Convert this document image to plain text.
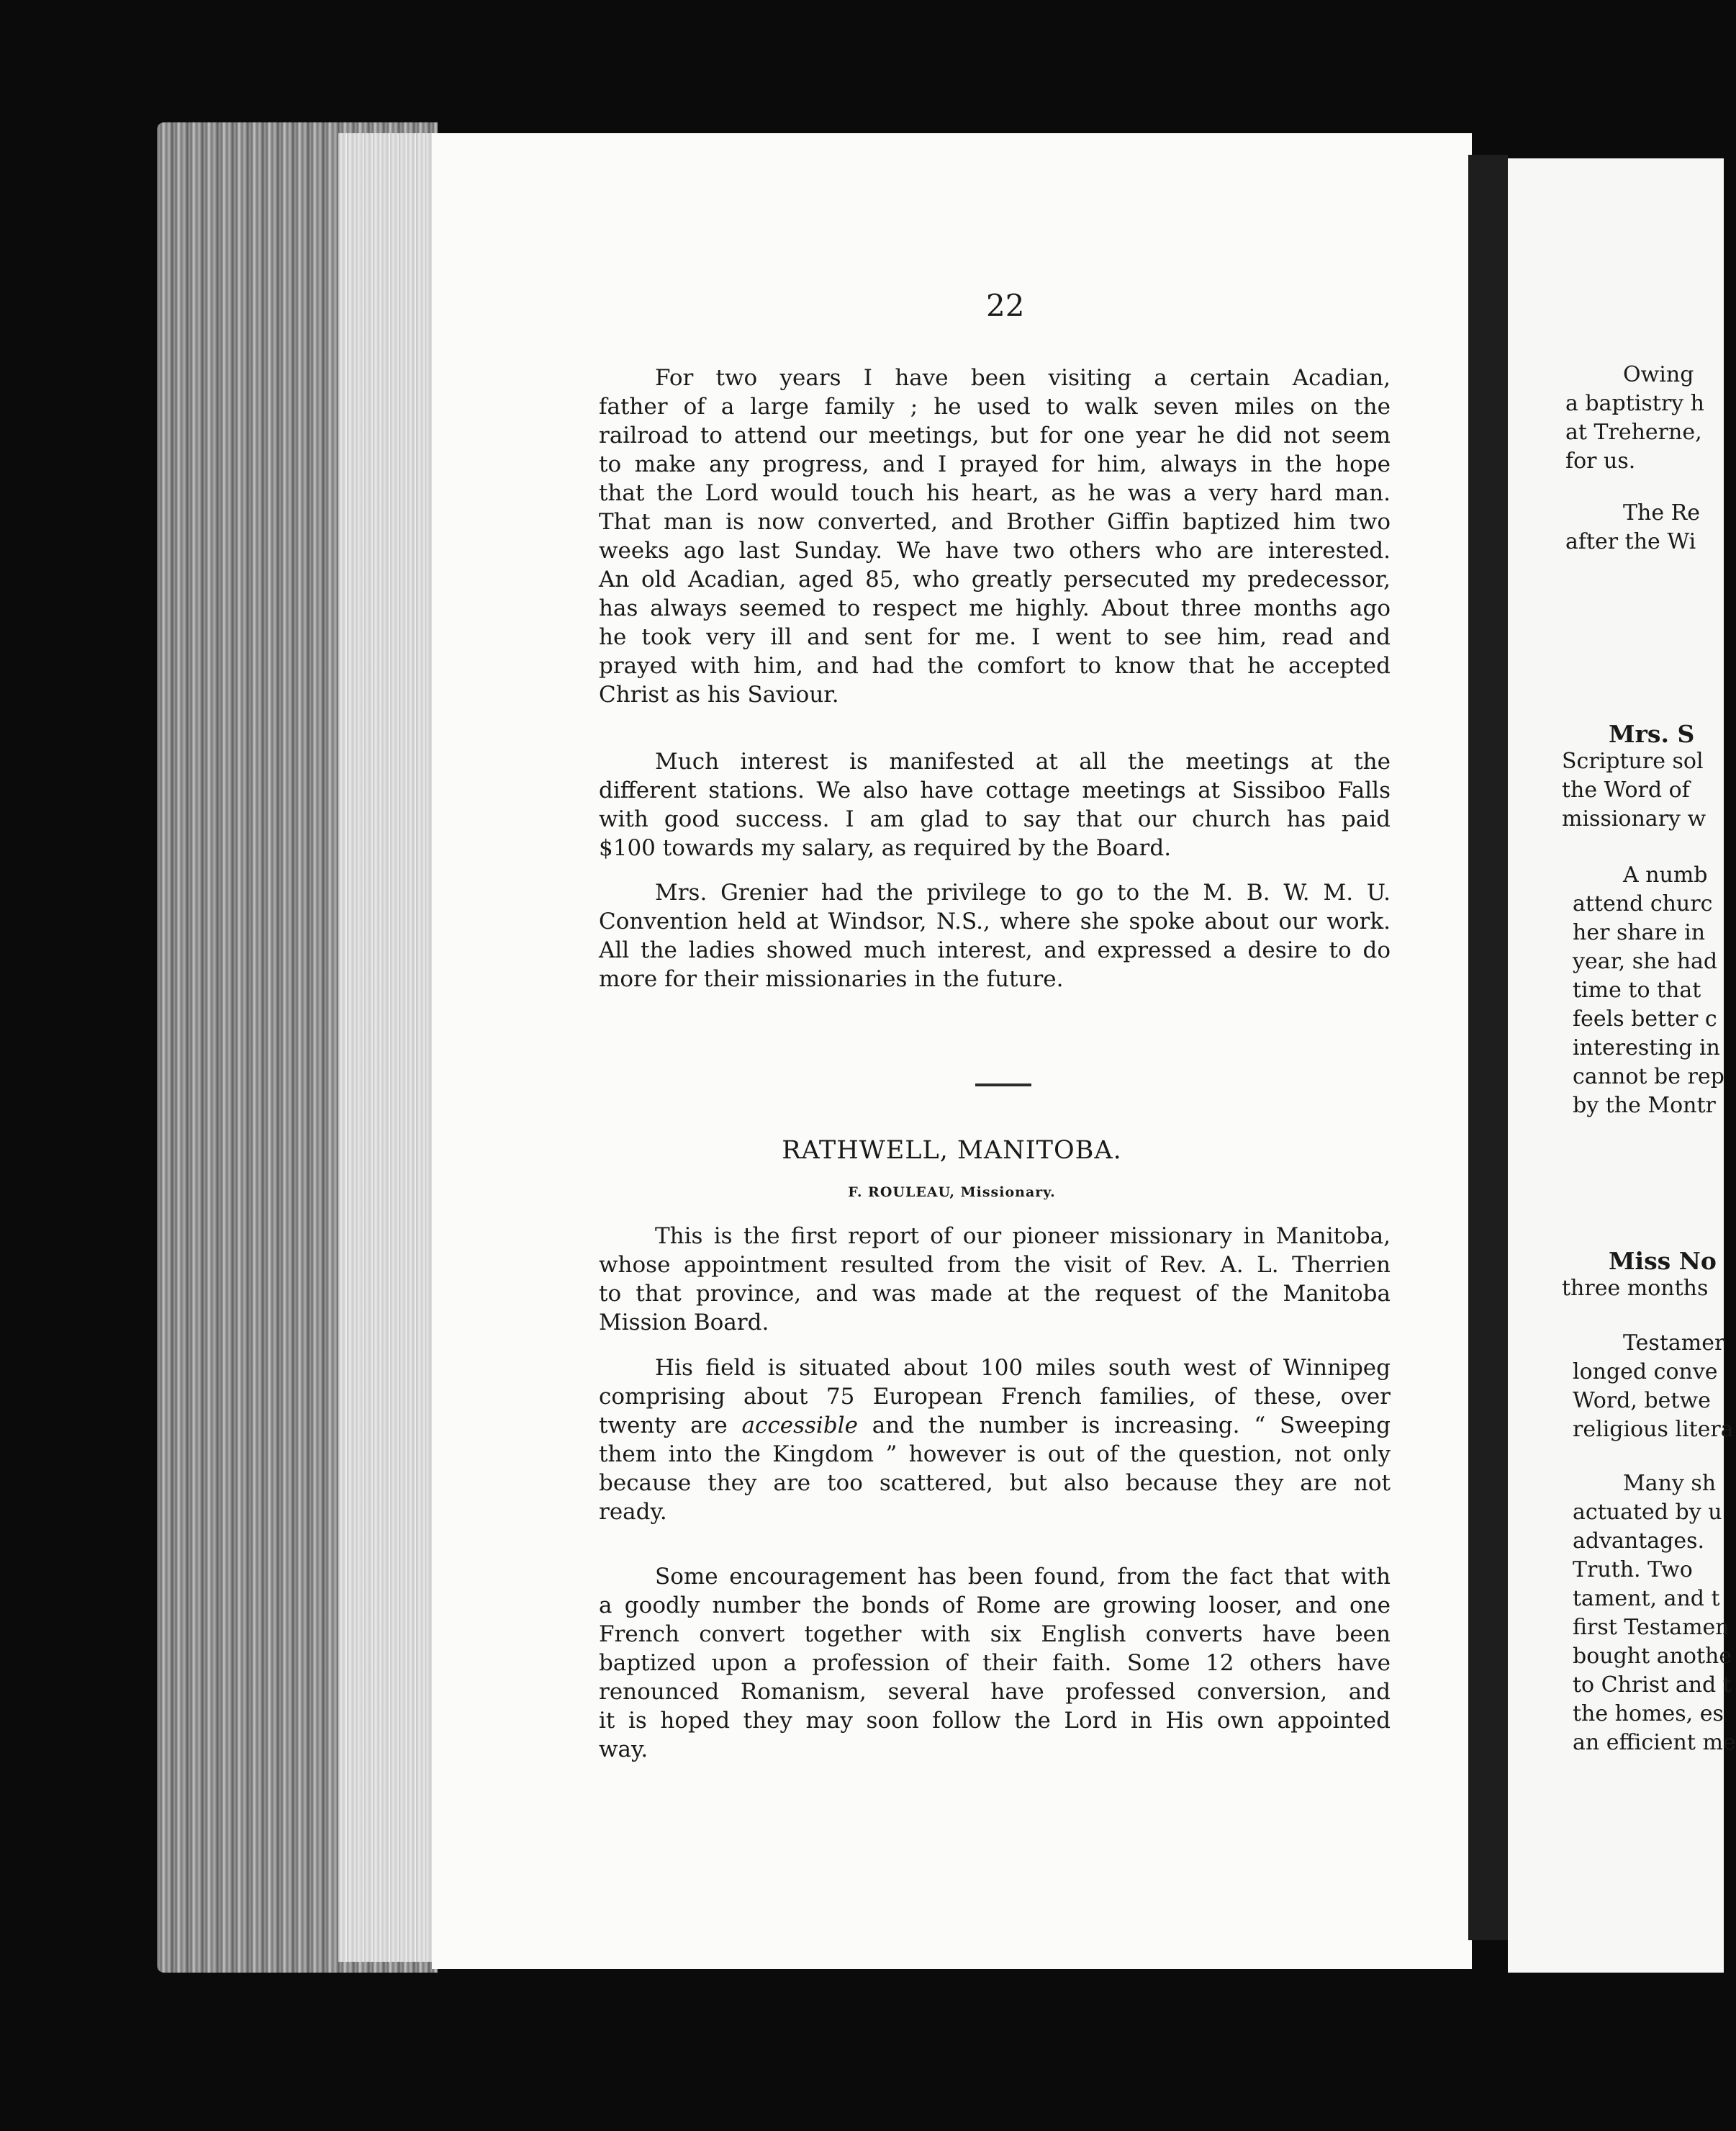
22
For two years I have been visiting a certain Acadian,
father of a large family ; he used to walk seven miles on the
railroad to attend our meetings, but for one year he did not seem
to make any progress, and I prayed for him, always in the hope
that the Lord would touch his heart, as he was a very hard man.
That man is now converted, and Brother Giffin baptized him two
weeks ago last Sunday. We have two others who are interested.
An old Acadian, aged 85, who greatly persecuted my predecessor,
has always seemed to respect me highly. About three months ago
he took very ill and sent for me. I went to see him, read and
prayed with him, and had the comfort to know that he accepted
Christ as his Saviour.
Much interest is manifested at all the meetings at the
different stations. We also have cottage meetings at Sissiboo Falls
with good success. I am glad to say that our church has paid
$100 towards my salary, as required by the Board.
Mrs. Grenier had the privilege to go to the M. B. W. M. U.
Convention held at Windsor, N.S., where she spoke about our work.
All the ladies showed much interest, and expressed a desire to do
more for their missionaries in the future.
RATHWELL, MANITOBA.
F. ROULEAU, Missionary.
This is the first report of our pioneer missionary in Manitoba,
whose appointment resulted from the visit of Rev. A. L. Therrien
to that province, and was made at the request of the Manitoba
Mission Board.
His field is situated about 100 miles south west of Winnipeg
comprising about 75 European French families, of these, over
twenty are accessible and the number is increasing. “ Sweeping
them into the Kingdom ” however is out of the question, not only
because they are too scattered, but also because they are not
ready.
Some encouragement has been found, from the fact that with
a goodly number the bonds of Rome are growing looser, and one
French convert together with six English converts have been
baptized upon a profession of their faith. Some 12 others have
renounced Romanism, several have professed conversion, and
it is hoped they may soon follow the Lord in His own appointed
way.
Owing
a baptistry h
at Treherne,
for us.
The Re
after the Wi
Mrs. S
Scripture sol
the Word of
missionary w
A numb
attend churc
her share in
year, she had
time to that
feels better c
interesting in
cannot be rep
by the Montr
Miss No
three months
Testamer
longed conve
Word, betwe
religious litera
Many sh
actuated by u
advantages.
Truth. Two
tament, and t
first Testamen
bought anothe
to Christ and t
the homes, es
an efficient me
